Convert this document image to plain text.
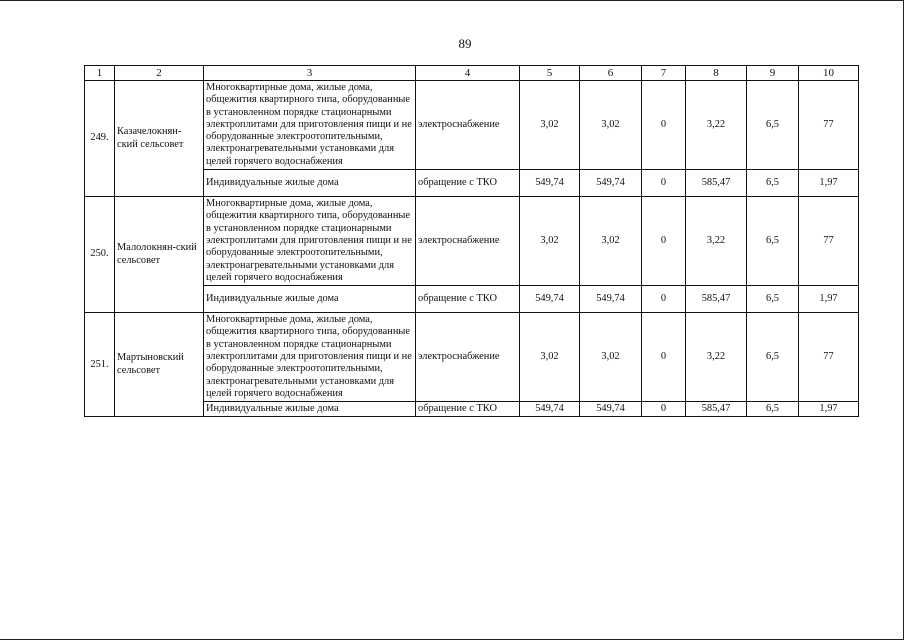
89
1	2	3	4	5	6	7	8	9	10
249.	Казачелокнян-ский сельсовет	Многоквартирные дома, жилые дома, общежития квартирного типа, оборудованные в установленном порядке стационарными электроплитами для приготовления пищи и не оборудованные электроотопительными, электронагревательными установками для целей горячего водоснабжения	электроснабжение	3,02	3,02	0	3,22	6,5	77
		Индивидуальные жилые дома	обращение с ТКО	549,74	549,74	0	585,47	6,5	1,97
250.	Малолокнян-ский сельсовет	Многоквартирные дома, жилые дома, общежития квартирного типа, оборудованные в установленном порядке стационарными электроплитами для приготовления пищи и не оборудованные электроотопительными, электронагревательными установками для целей горячего водоснабжения	электроснабжение	3,02	3,02	0	3,22	6,5	77
		Индивидуальные жилые дома	обращение с ТКО	549,74	549,74	0	585,47	6,5	1,97
251.	Мартыновский сельсовет	Многоквартирные дома, жилые дома, общежития квартирного типа, оборудованные в установленном порядке стационарными электроплитами для приготовления пищи и не оборудованные электроотопительными, электронагревательными установками для целей горячего водоснабжения	электроснабжение	3,02	3,02	0	3,22	6,5	77
		Индивидуальные жилые дома	обращение с ТКО	549,74	549,74	0	585,47	6,5	1,97
